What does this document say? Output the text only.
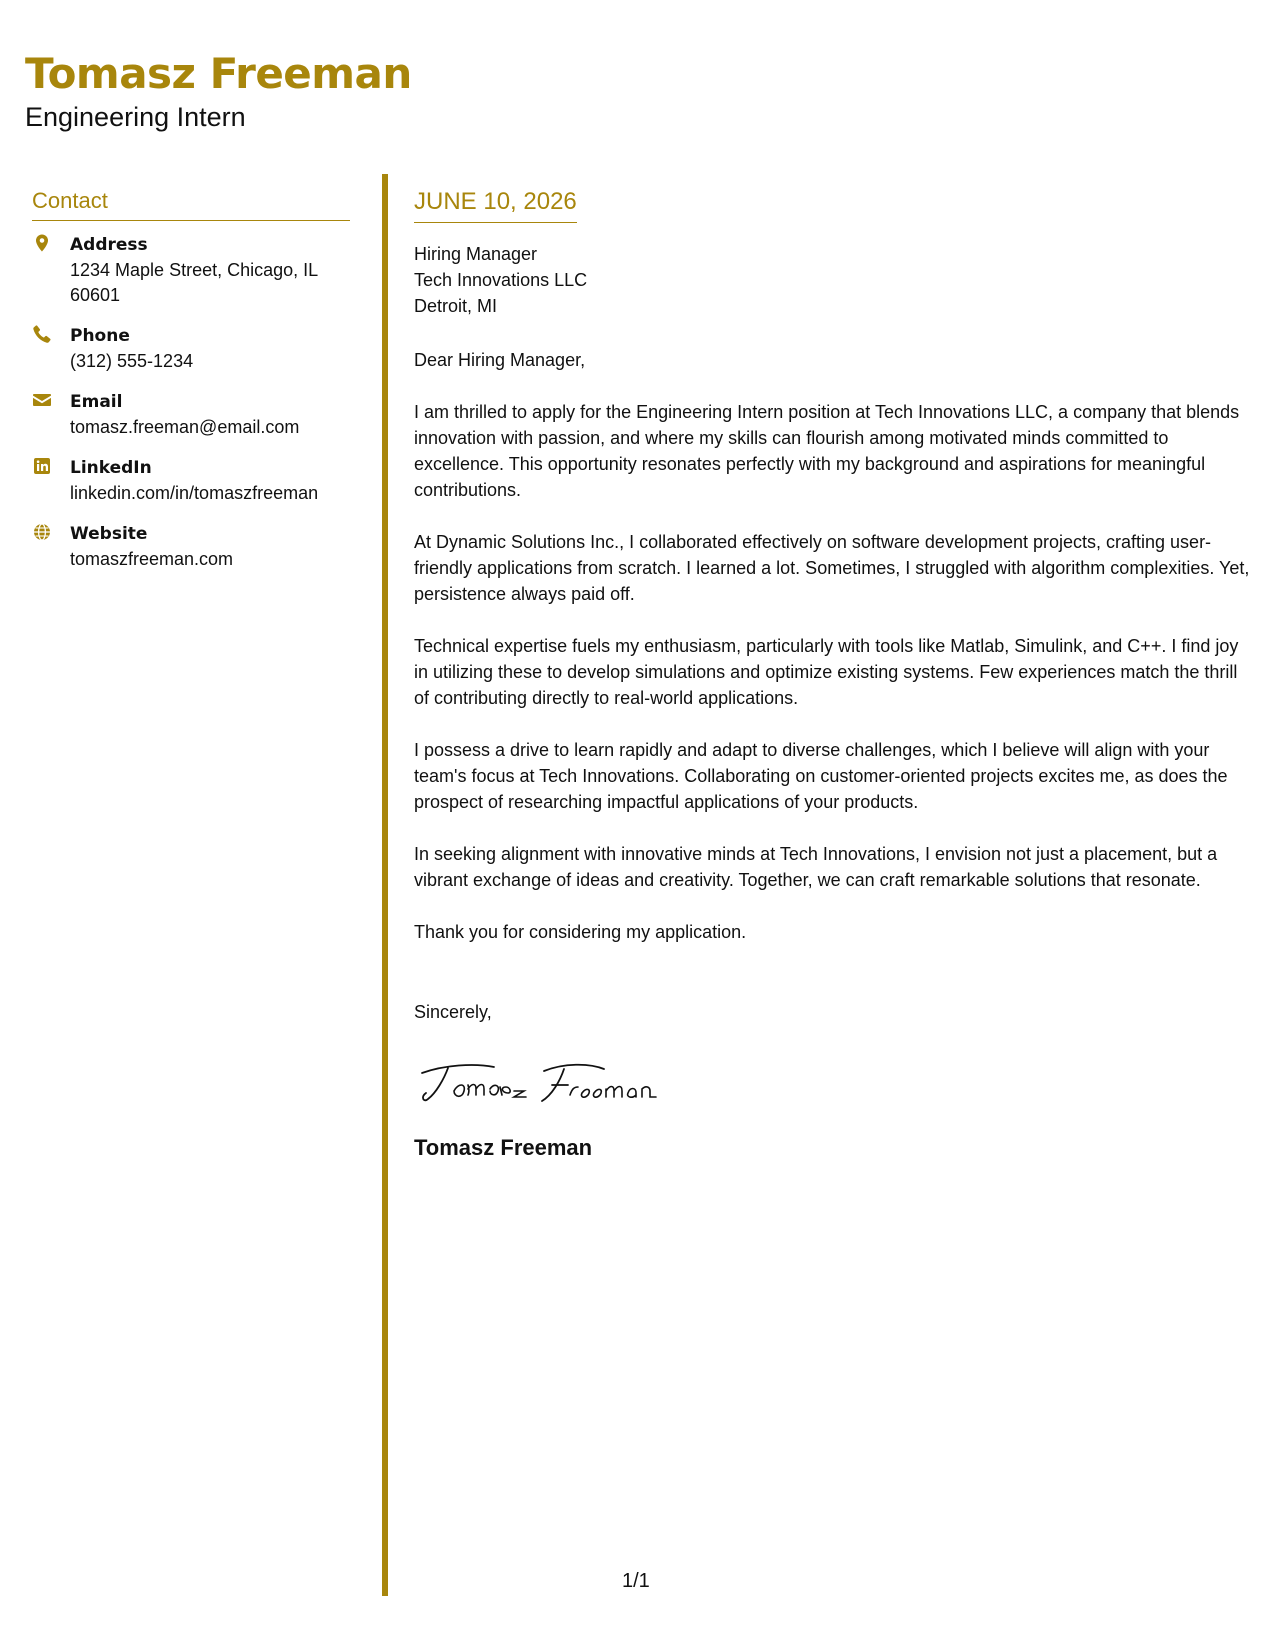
Tomasz Freeman
Engineering Intern
Contact
Address
1234 Maple Street, Chicago, IL 60601
Phone
(312) 555-1234
Email
tomasz.freeman@email.com
LinkedIn
linkedin.com/in/tomaszfreeman
Website
tomaszfreeman.com
JUNE 10, 2026
Hiring Manager
Tech Innovations LLC
Detroit, MI
Dear Hiring Manager,
I am thrilled to apply for the Engineering Intern position at Tech Innovations LLC, a company that blends innovation with passion, and where my skills can flourish among motivated minds committed to excellence. This opportunity resonates perfectly with my background and aspirations for meaningful contributions.
At Dynamic Solutions Inc., I collaborated effectively on software development projects, crafting user-friendly applications from scratch. I learned a lot. Sometimes, I struggled with algorithm complexities. Yet, persistence always paid off.
Technical expertise fuels my enthusiasm, particularly with tools like Matlab, Simulink, and C++. I find joy in utilizing these to develop simulations and optimize existing systems. Few experiences match the thrill of contributing directly to real-world applications.
I possess a drive to learn rapidly and adapt to diverse challenges, which I believe will align with your team's focus at Tech Innovations. Collaborating on customer-oriented projects excites me, as does the prospect of researching impactful applications of your products.
In seeking alignment with innovative minds at Tech Innovations, I envision not just a placement, but a vibrant exchange of ideas and creativity. Together, we can craft remarkable solutions that resonate.
Thank you for considering my application.
Sincerely,
Tomasz Freeman
1/1
